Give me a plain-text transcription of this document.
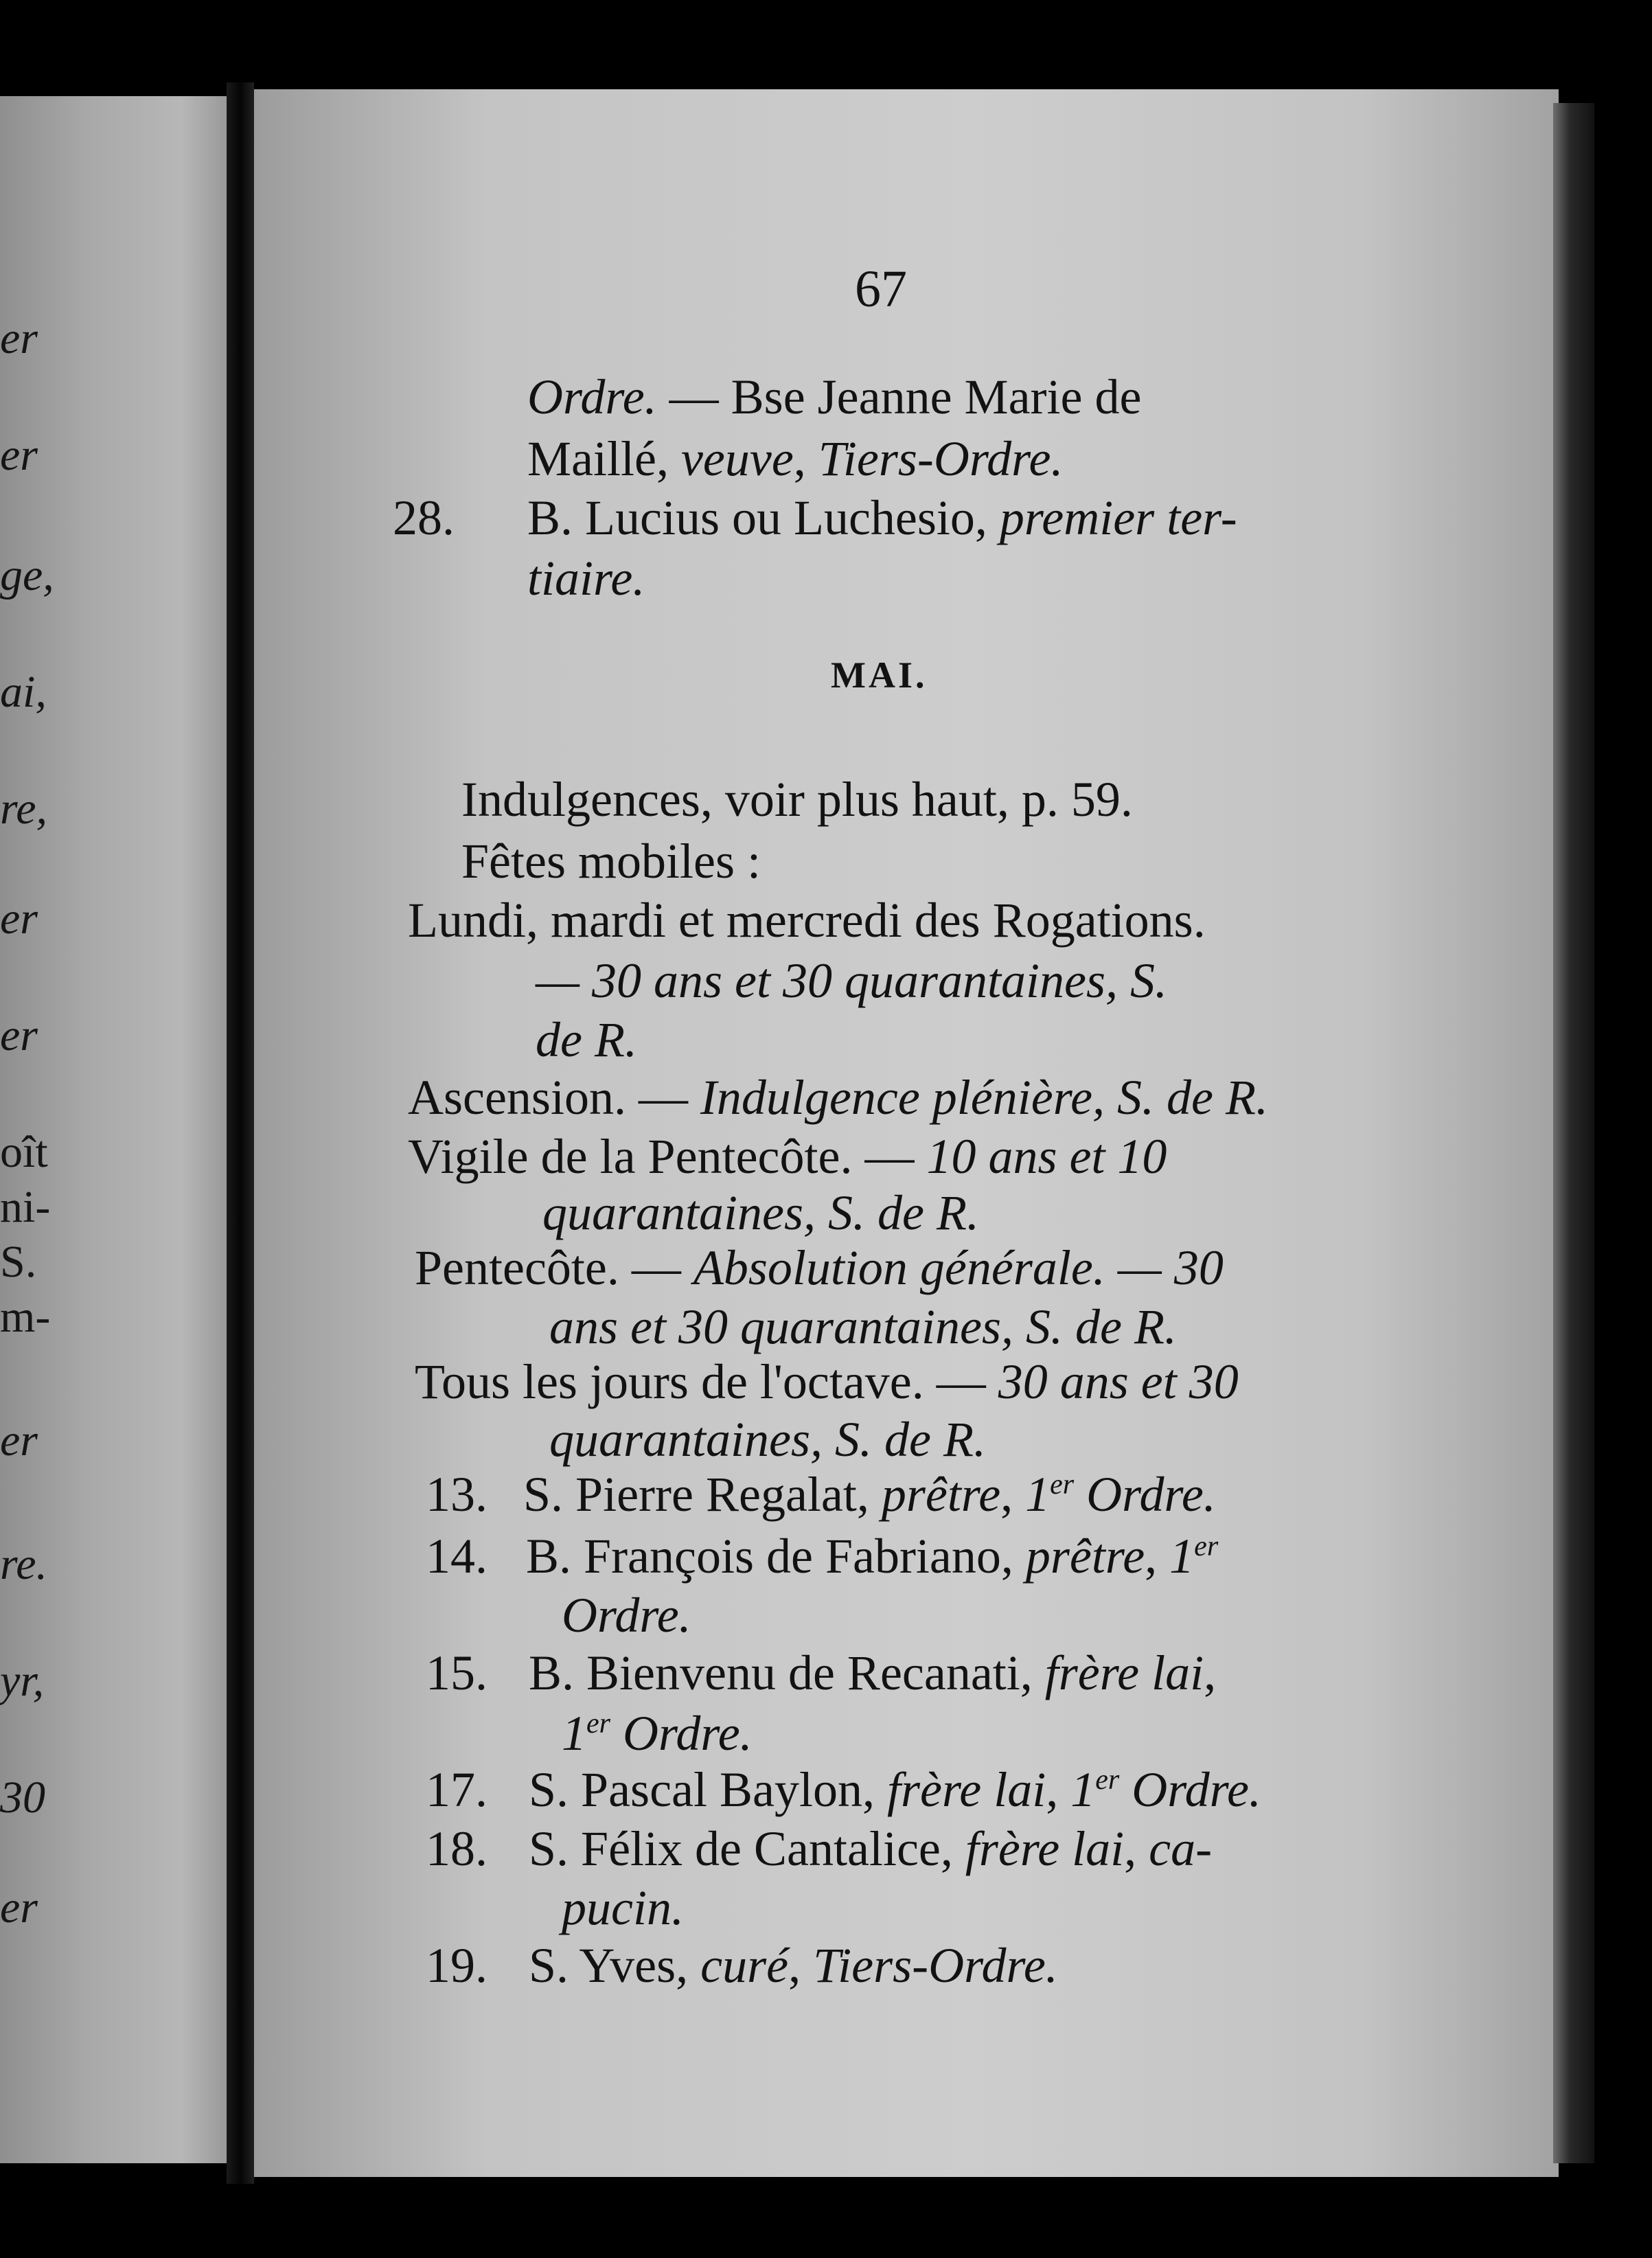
er
er
ge,
ai,
re,
er
er
oît
ni-
S.
m-
er
re.
yr,
30
er
67
Ordre. — Bse Jeanne Marie de
Maillé, veuve, Tiers-Ordre.
28. B. Lucius ou Luchesio, premier ter-
tiaire.
MAI.
Indulgences, voir plus haut, p. 59.
Fêtes mobiles :
Lundi, mardi et mercredi des Rogations.
— 30 ans et 30 quarantaines, S.
de R.
Ascension. — Indulgence plénière, S. de R.
Vigile de la Pentecôte. — 10 ans et 10
quarantaines, S. de R.
Pentecôte. — Absolution générale. — 30
ans et 30 quarantaines, S. de R.
Tous les jours de l'octave. — 30 ans et 30
quarantaines, S. de R.
13. S. Pierre Regalat, prêtre, 1er Ordre.
14. B. François de Fabriano, prêtre, 1er
Ordre.
15. B. Bienvenu de Recanati, frère lai,
1er Ordre.
17. S. Pascal Baylon, frère lai, 1er Ordre.
18. S. Félix de Cantalice, frère lai, ca-
pucin.
19. S. Yves, curé, Tiers-Ordre.
